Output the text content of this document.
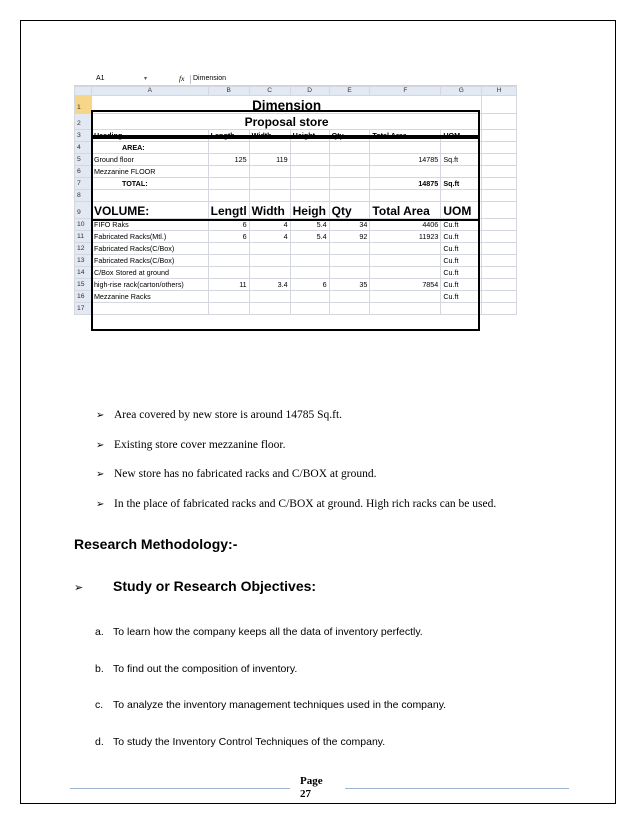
A1	▾	fx Dimension
	A	B	C	D	E	F	G	H
1	Dimension							
2	Proposal store							
3	Heading	Length	Width	Height	Qty	Total Area	UOM	
4	AREA:							
5	Ground floor	125	119			14785	Sq.ft	
6	Mezzanine FLOOR							
7	TOTAL:					14875	Sq.ft	
8								
9	VOLUME:	Lengtl	Width	Heigh	Qty	Total Area	UOM	
10	FIFO Raks	6	4	5.4	34	4406	Cu.ft	
11	Fabricated Racks(Mtl.)	6	4	5.4	92	11923	Cu.ft	
12	Fabricated Racks(C/Box)						Cu.ft	
13	Fabricated Racks(C/Box)						Cu.ft	
14	C/Box Stored at ground						Cu.ft	
15	high-rise rack(carton/others)	11	3.4	6	35	7854	Cu.ft	
16	Mezzanine Racks						Cu.ft	
17								
➢ Area covered by new store is around 14785 Sq.ft.
➢ Existing store cover mezzanine floor.
➢ New store has no fabricated racks and C/BOX at ground.
➢ In the place of fabricated racks and C/BOX at ground. High rich racks can be used.
Research Methodology:-
➢ Study or Research Objectives:
a. To learn how the company keeps all the data of inventory perfectly.
b. To find out the composition of inventory.
c. To analyze the inventory management techniques used in the company.
d. To study the Inventory Control Techniques of the company.
Page
27
